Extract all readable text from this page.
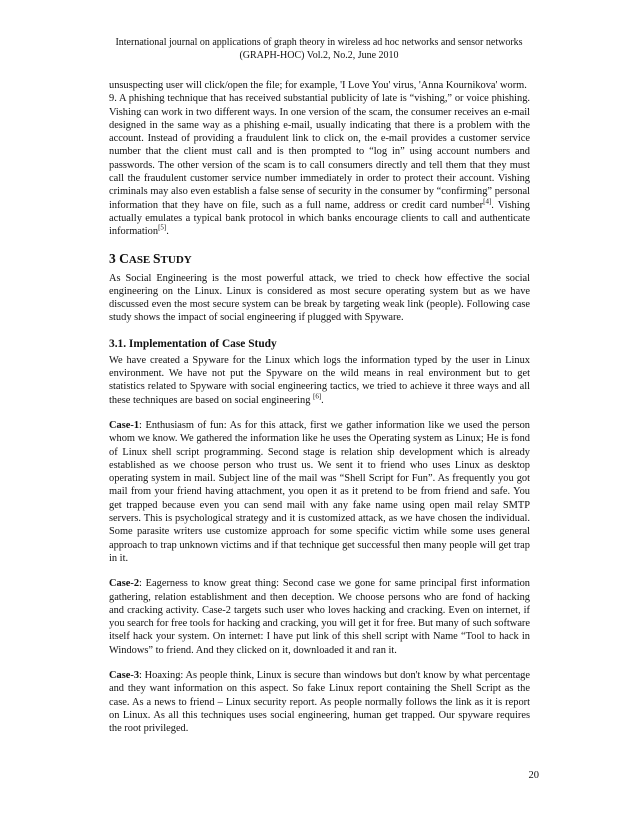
International journal on applications of graph theory in wireless ad hoc networks and sensor networks
(GRAPH-HOC) Vol.2, No.2, June 2010

unsuspecting user will click/open the file; for example, 'I Love You' virus, 'Anna Kournikova' worm.

9. A phishing technique that has received substantial publicity of late is “vishing,” or voice phishing. Vishing can work in two different ways. In one version of the scam, the consumer receives an e-mail designed in the same way as a phishing e-mail, usually indicating that there is a problem with the account. Instead of providing a fraudulent link to click on, the e-mail provides a customer service number that the client must call and is then prompted to “log in” using account numbers and passwords. The other version of the scam is to call consumers directly and tell them that they must call the fraudulent customer service number immediately in order to protect their account. Vishing criminals may also even establish a false sense of security in the consumer by “confirming” personal information that they have on file, such as a full name, address or credit card number[4]. Vishing actually emulates a typical bank protocol in which banks encourage clients to call and authenticate information[5].

3 CASE STUDY

As Social Engineering is the most powerful attack, we tried to check how effective the social engineering on the Linux. Linux is considered as most secure operating system but as we have discussed even the most secure system can be break by targeting weak link (people). Following case study shows the impact of social engineering if plugged with Spyware.

3.1. Implementation of Case Study

We have created a Spyware for the Linux which logs the information typed by the user in Linux environment. We have not put the Spyware on the wild means in real environment but to get statistics related to Spyware with social engineering tactics, we tried to achieve it three ways and all these techniques are based on social engineering [6].

Case-1: Enthusiasm of fun: As for this attack, first we gather information like we used the person whom we know. We gathered the information like he uses the Operating system as Linux; He is fond of Linux shell script programming. Second stage is relation ship development which is already established as we choose person who trust us. We sent it to friend who uses Linux as desktop operating system in mail. Subject line of the mail was “Shell Script for Fun”. As frequently you got mail from your friend having attachment, you open it as it pretend to be from friend and safe. You get trapped because even you can send mail with any fake name using open mail relay SMTP servers. This is psychological strategy and it is customized attack, as we have chosen the individual. Some parasite writers use customize approach for some specific victim while some uses general approach to trap unknown victims and if that technique get successful then many people will get trap in it.

Case-2: Eagerness to know great thing: Second case we gone for same principal first information gathering, relation establishment and then deception. We choose persons who are fond of hacking and cracking activity. Case-2 targets such user who loves hacking and cracking. Even on internet, if you search for free tools for hacking and cracking, you will get it for free. But many of such software itself hack your system. On internet: I have put link of this shell script with Name “Tool to hack in Windows” to friend. And they clicked on it, downloaded it and ran it.

Case-3: Hoaxing: As people think, Linux is secure than windows but don't know by what percentage and they want information on this aspect. So fake Linux report containing the Shell Script as the case. As a news to friend – Linux security report. As people normally follows the link as it is report on Linux. As all this techniques uses social engineering, human get trapped. Our spyware requires the root privileged.

20
